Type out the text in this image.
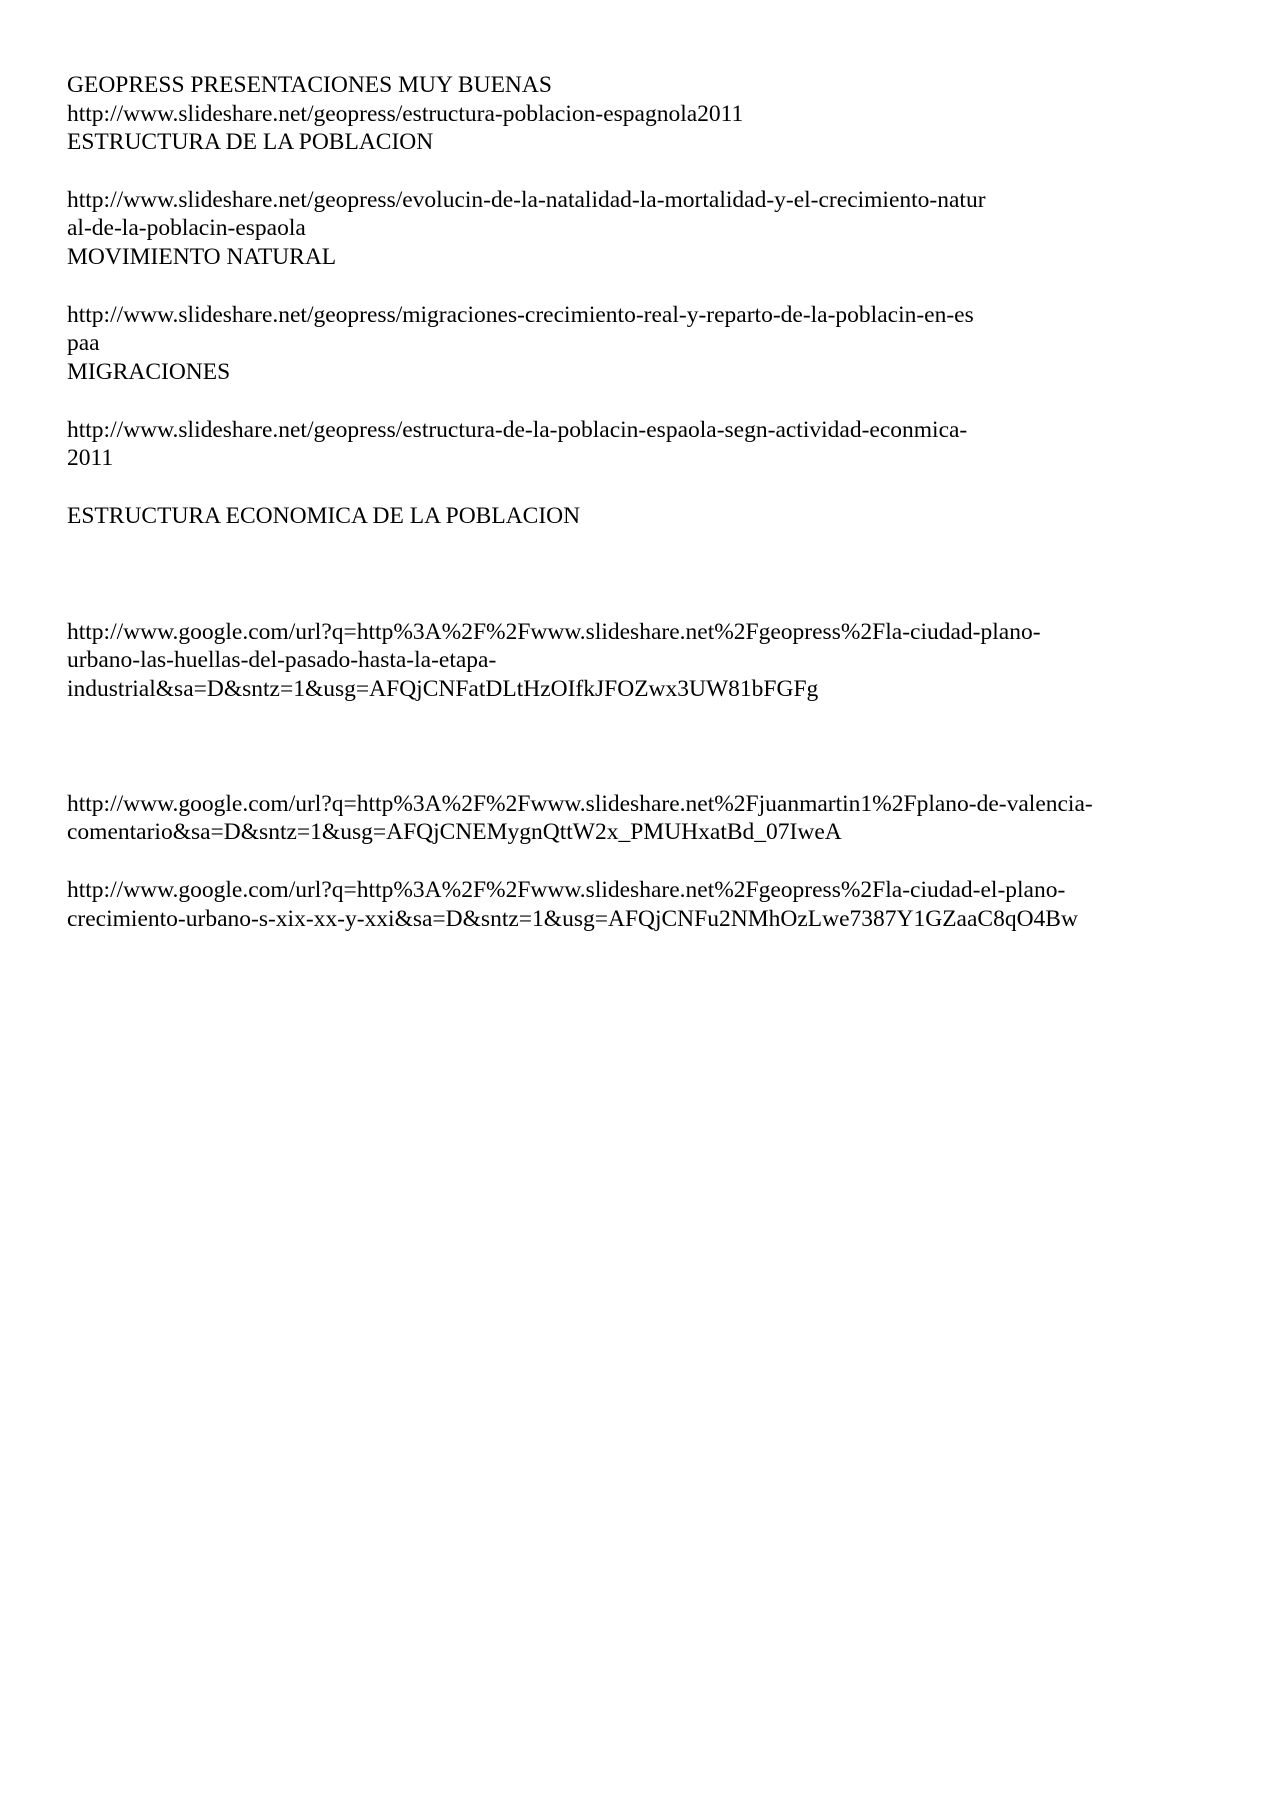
GEOPRESS PRESENTACIONES MUY BUENAS

http://www.slideshare.net/geopress/estructura-poblacion-espagnola2011

ESTRUCTURA DE LA POBLACION

http://www.slideshare.net/geopress/evolucin-de-la-natalidad-la-mortalidad-y-el-crecimiento-natur
al-de-la-poblacin-espaola

MOVIMIENTO NATURAL

http://www.slideshare.net/geopress/migraciones-crecimiento-real-y-reparto-de-la-poblacin-en-es
paa

MIGRACIONES

http://www.slideshare.net/geopress/estructura-de-la-poblacin-espaola-segn-actividad-econmica-
2011

ESTRUCTURA ECONOMICA DE LA POBLACION

http://www.google.com/url?q=http%3A%2F%2Fwww.slideshare.net%2Fgeopress%2Fla-ciudad-plano-
urbano-las-huellas-del-pasado-hasta-la-etapa-
industrial&sa=D&sntz=1&usg=AFQjCNFatDLtHzOIfkJFOZwx3UW81bFGFg
http://www.google.com/url?q=http%3A%2F%2Fwww.slideshare.net%2Fjuanmartin1%2Fplano-de-valencia-
comentario&sa=D&sntz=1&usg=AFQjCNEMygnQttW2x_PMUHxatBd_07IweA
http://www.google.com/url?q=http%3A%2F%2Fwww.slideshare.net%2Fgeopress%2Fla-ciudad-el-plano-
crecimiento-urbano-s-xix-xx-y-xxi&sa=D&sntz=1&usg=AFQjCNFu2NMhOzLwe7387Y1GZaaC8qO4Bw
